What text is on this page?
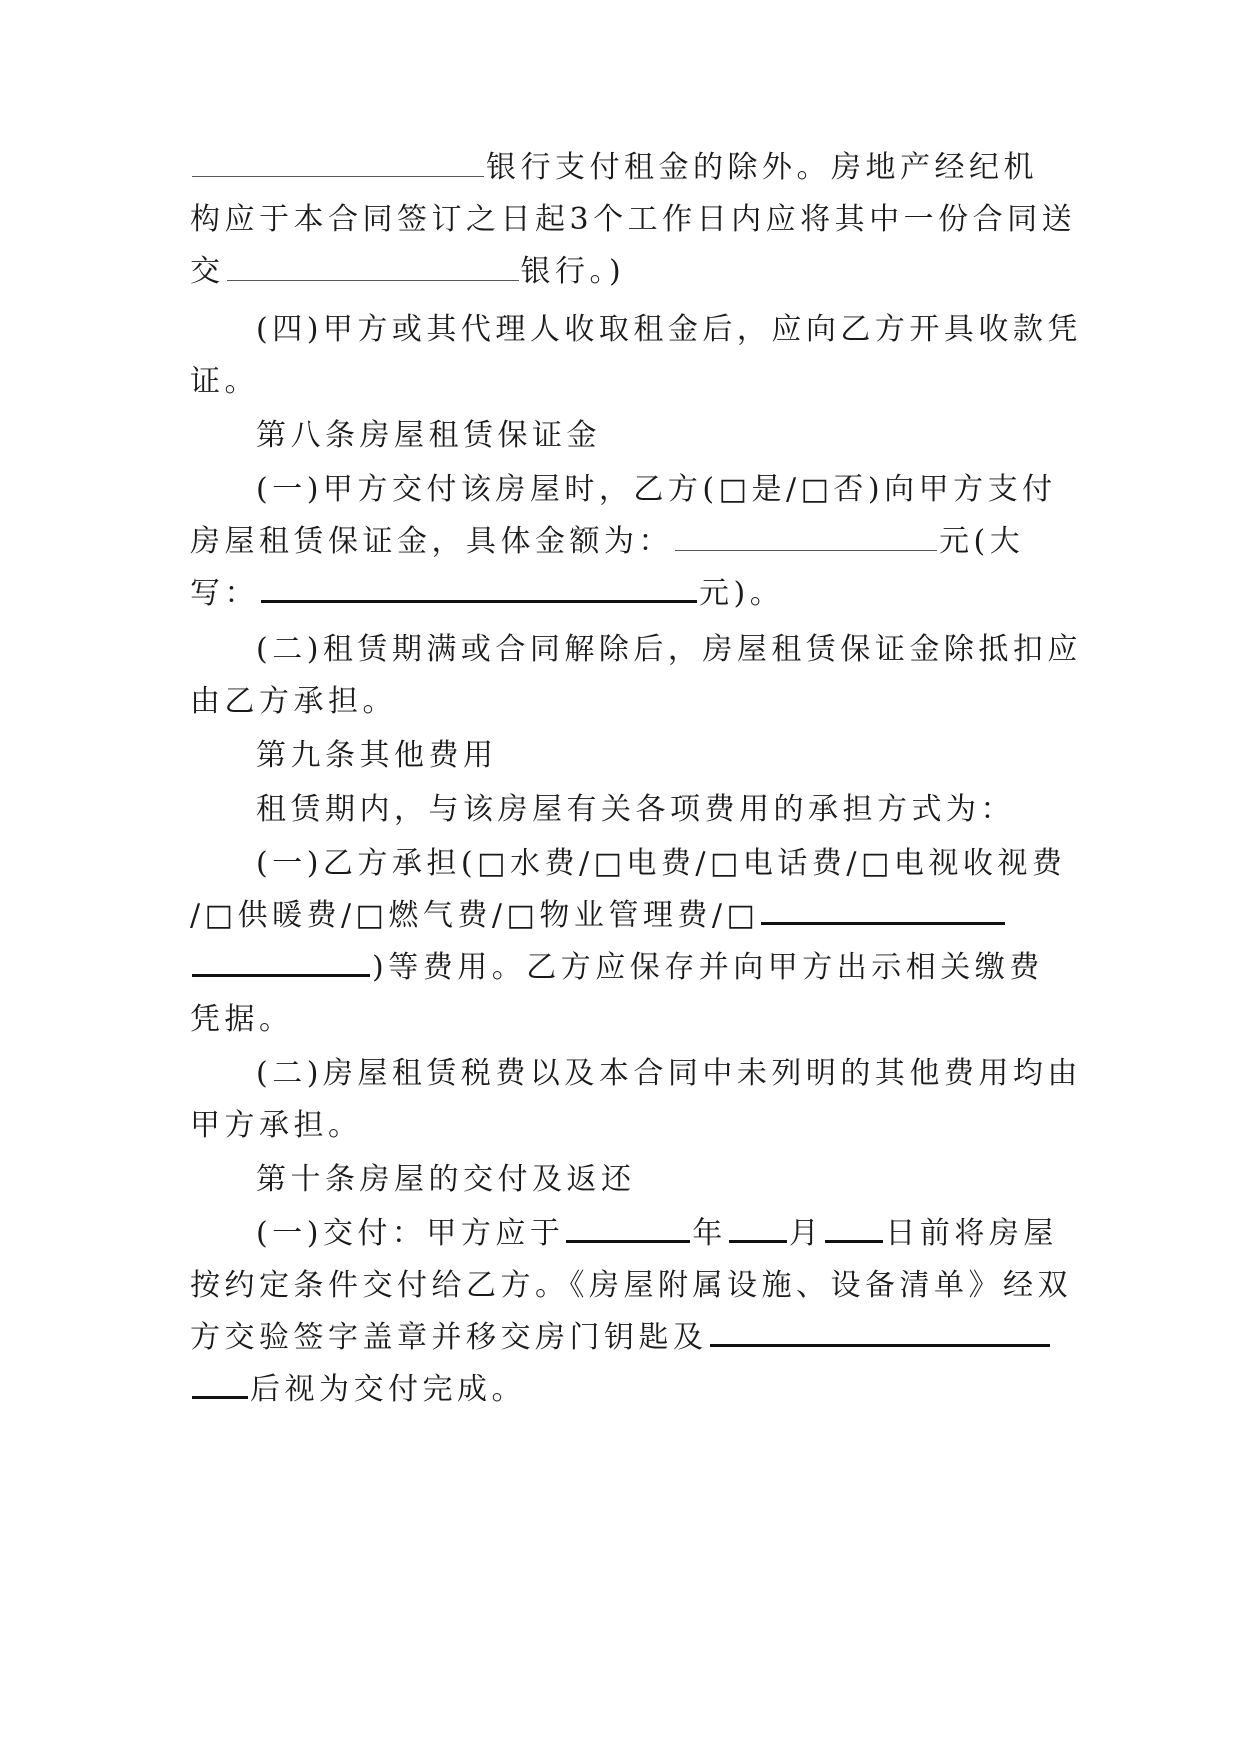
银行支付租金的除外。房地产经纪机
构应于本合同签订之日起3个工作日内应将其中一份合同送
交	银行。)
(四)甲方或其代理人收取租金后，应向乙方开具收款凭
证。
第八条房屋租赁保证金
(一)甲方交付该房屋时，乙方(□是/□否)向甲方支付
房屋租赁保证金，具体金额为：	元(大
写：	元)。
(二)租赁期满或合同解除后，房屋租赁保证金除抵扣应
由乙方承担。
第九条其他费用
租赁期内，与该房屋有关各项费用的承担方式为：
(一)乙方承担(□水费/□电费/□电话费/□电视收视费
/□供暖费/□燃气费/□物业管理费/□
)等费用。乙方应保存并向甲方出示相关缴费
凭据。
(二)房屋租赁税费以及本合同中未列明的其他费用均由
甲方承担。
第十条房屋的交付及返还
(一)交付：甲方应于	年 月 日前将房屋
按约定条件交付给乙方。《房屋附属设施、设备清单》经双
方交验签字盖章并移交房门钥匙及
后视为交付完成。
